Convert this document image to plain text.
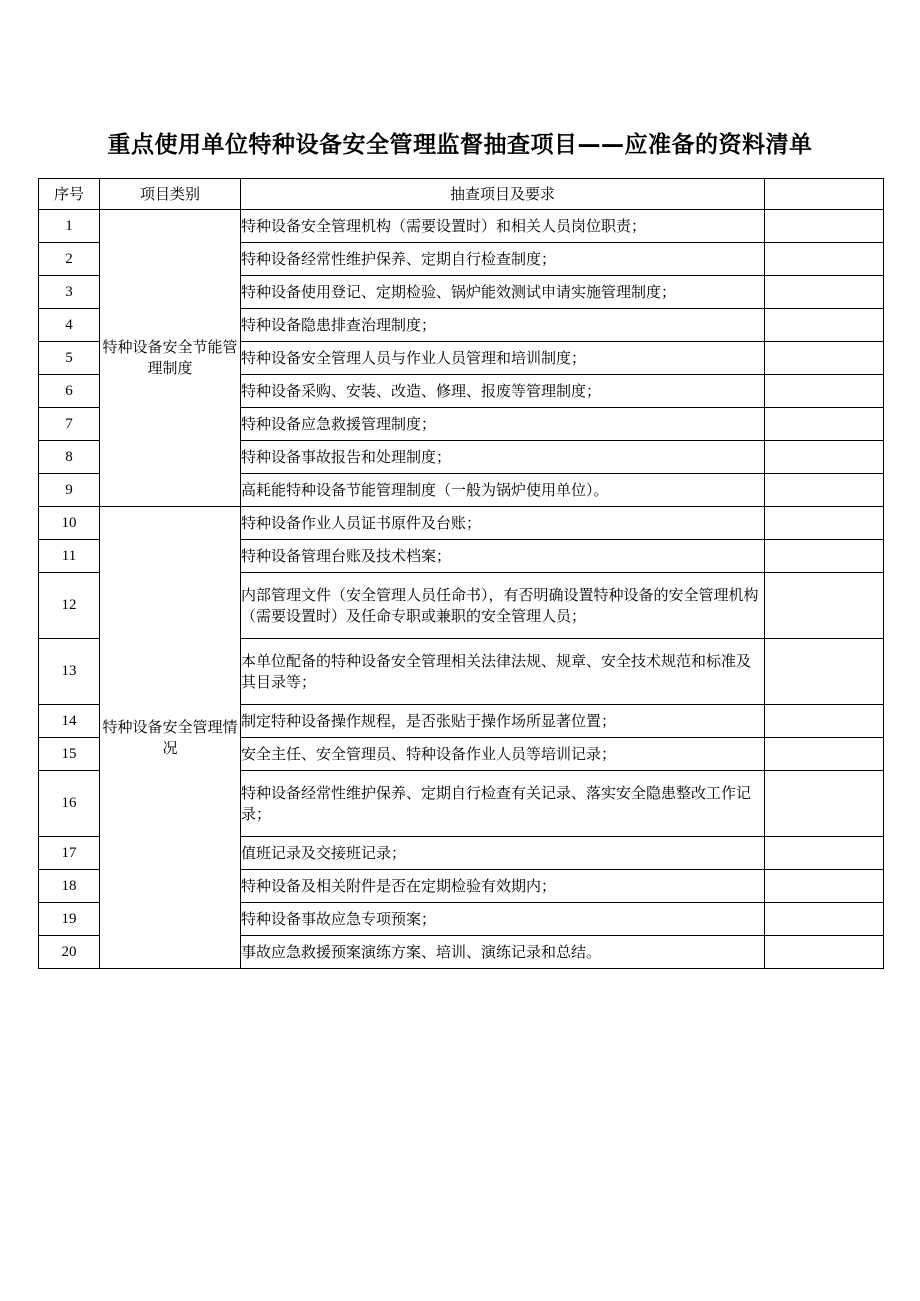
重点使用单位特种设备安全管理监督抽查项目——应准备的资料清单
序号	项目类别	抽查项目及要求	
1	特种设备安全节能管理制度	特种设备安全管理机构（需要设置时）和相关人员岗位职责；	
2		特种设备经常性维护保养、定期自行检查制度；	
3		特种设备使用登记、定期检验、锅炉能效测试申请实施管理制度；	
4		特种设备隐患排查治理制度；	
5		特种设备安全管理人员与作业人员管理和培训制度；	
6		特种设备采购、安装、改造、修理、报废等管理制度；	
7		特种设备应急救援管理制度；	
8		特种设备事故报告和处理制度；	
9		高耗能特种设备节能管理制度（一般为锅炉使用单位）。	
10	特种设备安全管理情况	特种设备作业人员证书原件及台账；	
11		特种设备管理台账及技术档案；	
12		内部管理文件（安全管理人员任命书），有否明确设置特种设备的安全管理机构（需要设置时）及任命专职或兼职的安全管理人员；	
13		本单位配备的特种设备安全管理相关法律法规、规章、安全技术规范和标准及其目录等；	
14		制定特种设备操作规程，是否张贴于操作场所显著位置；	
15		安全主任、安全管理员、特种设备作业人员等培训记录；	
16		特种设备经常性维护保养、定期自行检查有关记录、落实安全隐患整改工作记录；	
17		值班记录及交接班记录；	
18		特种设备及相关附件是否在定期检验有效期内；	
19		特种设备事故应急专项预案；	
20		事故应急救援预案演练方案、培训、演练记录和总结。	
